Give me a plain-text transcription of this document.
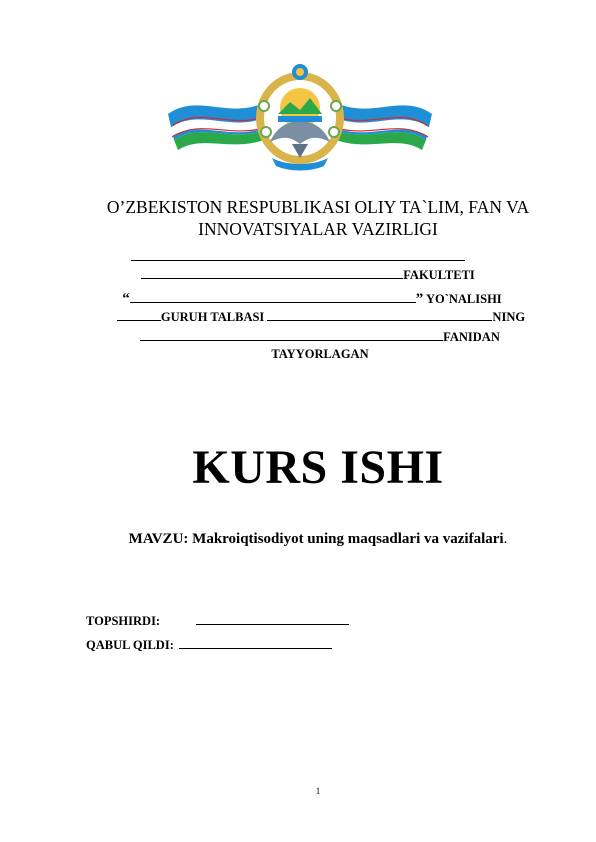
O’ZBEKISTON RESPUBLIKASI OLIY TA`LIM, FAN VA
INNOVATSIYALAR VAZIRLIGI
FAKULTETI
“	” YO`NALISHI
GURUH TALBASI	NING
FANIDAN
TAYYORLAGAN
KURS ISHI
MAVZU: Makroiqtisodiyot uning maqsadlari va vazifalari.
TOPSHIRDI:
QABUL QILDI:
1
